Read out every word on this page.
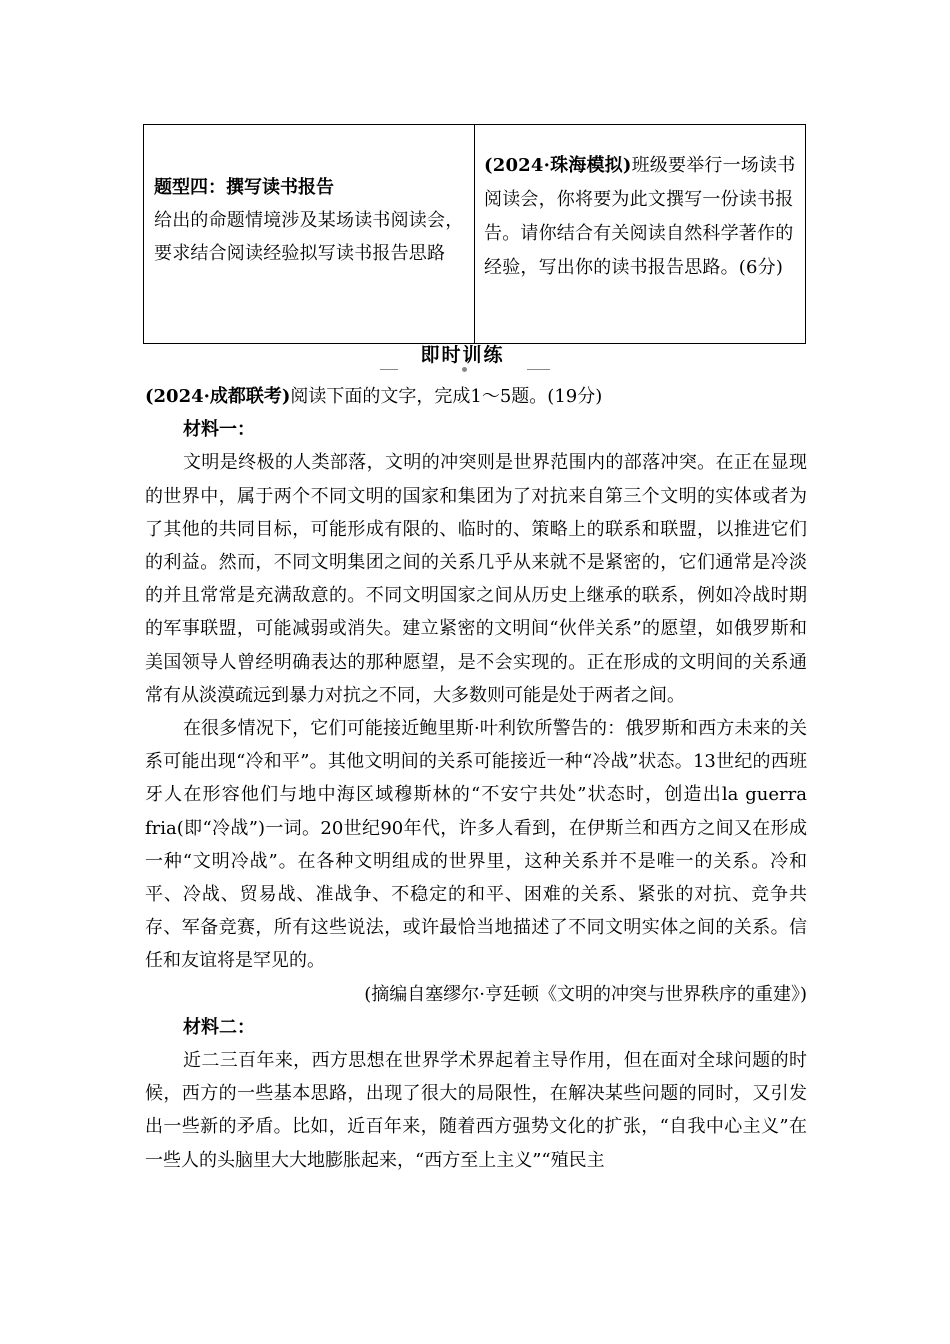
题型四：撰写读书报告
给出的命题情境涉及某场读书阅读会，要求结合阅读经验拟写读书报告思路
(2024·珠海模拟)班级要举行一场读书阅读会，你将要为此文撰写一份读书报告。请你结合有关阅读自然科学著作的经验，写出你的读书报告思路。(6分)
即时训练

(2024·成都联考)阅读下面的文字，完成1～5题。(19分)

材料一：

文明是终极的人类部落，文明的冲突则是世界范围内的部落冲突。在正在显现的世界中，属于两个不同文明的国家和集团为了对抗来自第三个文明的实体或者为了其他的共同目标，可能形成有限的、临时的、策略上的联系和联盟，以推进它们的利益。然而，不同文明集团之间的关系几乎从来就不是紧密的，它们通常是冷淡的并且常常是充满敌意的。不同文明国家之间从历史上继承的联系，例如冷战时期的军事联盟，可能减弱或消失。建立紧密的文明间“伙伴关系”的愿望，如俄罗斯和美国领导人曾经明确表达的那种愿望，是不会实现的。正在形成的文明间的关系通常有从淡漠疏远到暴力对抗之不同，大多数则可能是处于两者之间。

在很多情况下，它们可能接近鲍里斯·叶利钦所警告的：俄罗斯和西方未来的关系可能出现“冷和平”。其他文明间的关系可能接近一种“冷战”状态。13世纪的西班牙人在形容他们与地中海区域穆斯林的“不安宁共处”状态时，创造出la guerra fria(即“冷战”)一词。20世纪90年代，许多人看到，在伊斯兰和西方之间又在形成一种“文明冷战”。在各种文明组成的世界里，这种关系并不是唯一的关系。冷和平、冷战、贸易战、准战争、不稳定的和平、困难的关系、紧张的对抗、竞争共存、军备竞赛，所有这些说法，或许最恰当地描述了不同文明实体之间的关系。信任和友谊将是罕见的。

(摘编自塞缪尔·亨廷顿《文明的冲突与世界秩序的重建》)

材料二：

近二三百年来，西方思想在世界学术界起着主导作用，但在面对全球问题的时候，西方的一些基本思路，出现了很大的局限性，在解决某些问题的同时，又引发出一些新的矛盾。比如，近百年来，随着西方强势文化的扩张，“自我中心主义”在一些人的头脑里大大地膨胀起来，“西方至上主义”“殖民主
